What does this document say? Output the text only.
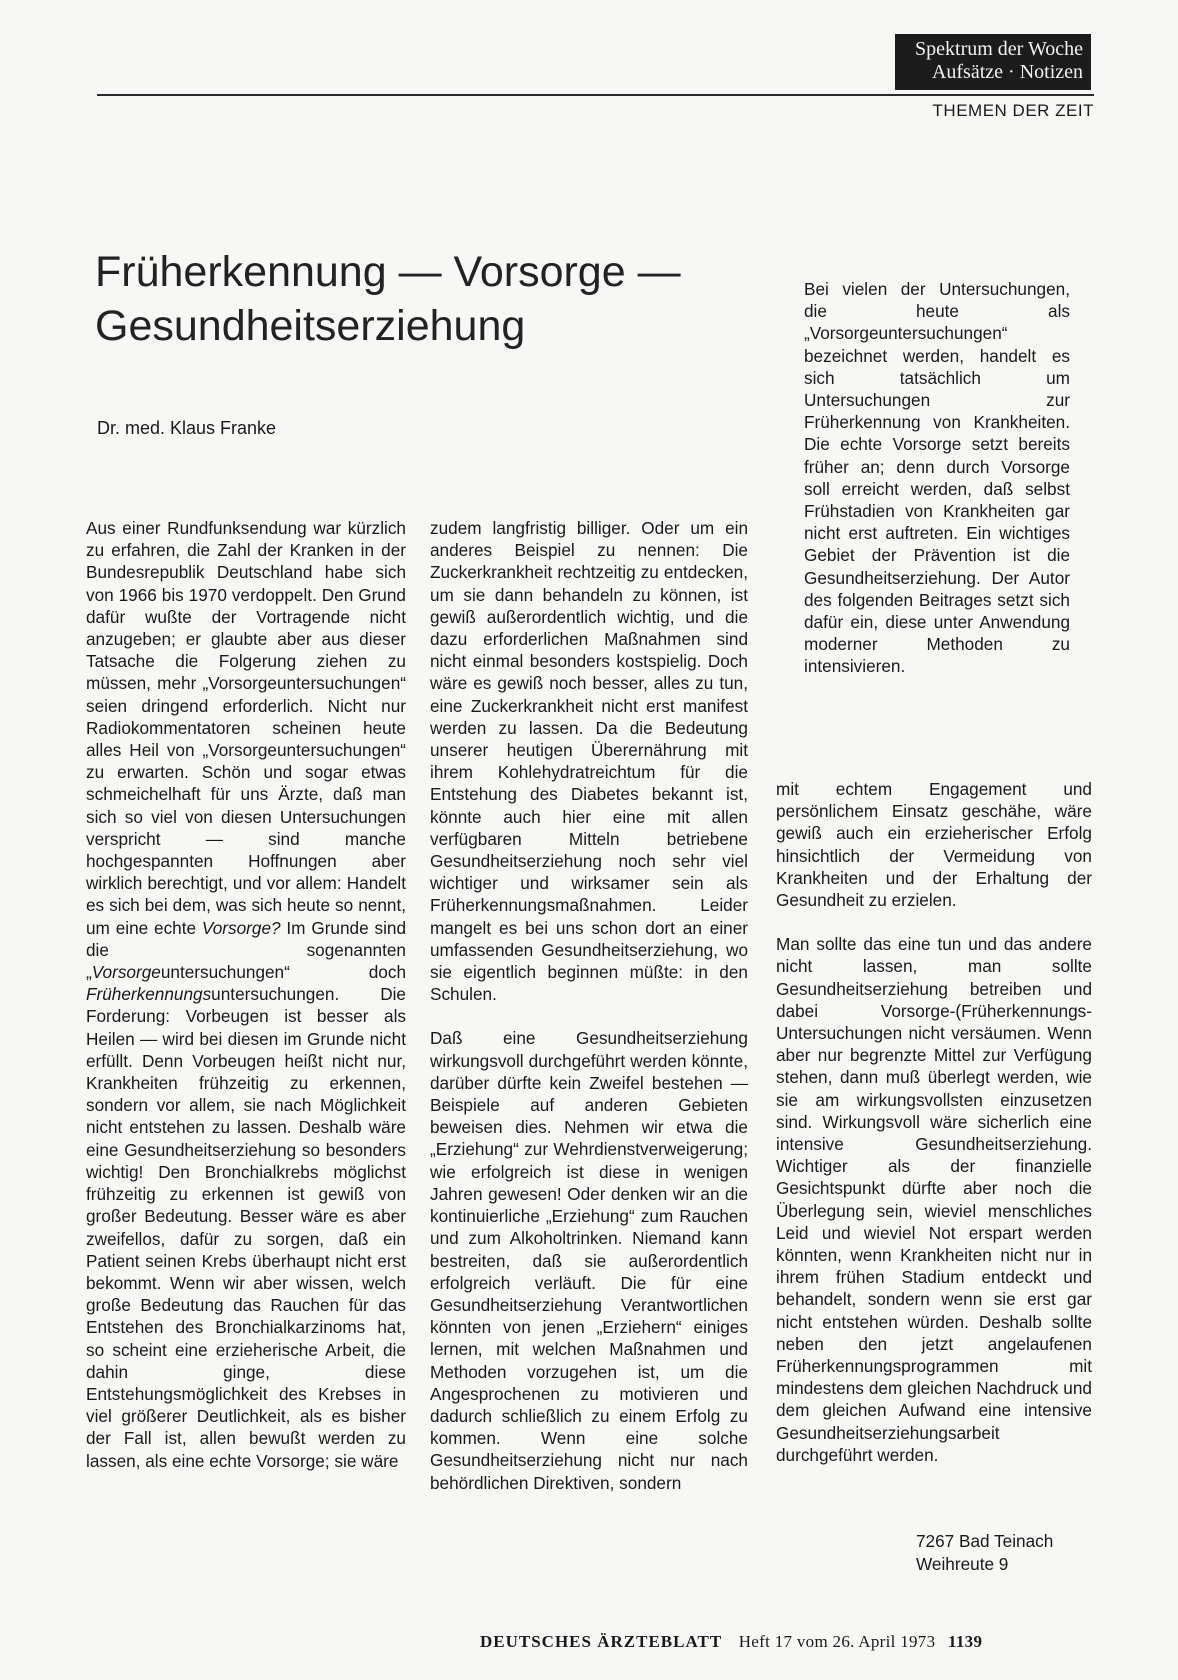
Spektrum der Woche
Aufsätze · Notizen
THEMEN DER ZEIT
Früherkennung — Vorsorge —
Gesundheitserziehung
Dr. med. Klaus Franke

Aus einer Rundfunksendung war kürzlich zu erfahren, die Zahl der Kranken in der Bundesrepublik Deutschland habe sich von 1966 bis 1970 verdoppelt. Den Grund dafür wußte der Vortragende nicht anzugeben; er glaubte aber aus dieser Tatsache die Folgerung ziehen zu müssen, mehr „Vorsorgeuntersuchungen“ seien dringend erforderlich. Nicht nur Radiokommentatoren scheinen heute alles Heil von „Vorsorgeuntersuchungen“ zu erwarten. Schön und sogar etwas schmeichelhaft für uns Ärzte, daß man sich so viel von diesen Untersuchungen verspricht — sind manche hochgespannten Hoffnungen aber wirklich berechtigt, und vor allem: Handelt es sich bei dem, was sich heute so nennt, um eine echte Vorsorge? Im Grunde sind die sogenannten „Vorsorgeuntersuchungen“ doch Früherkennungsuntersuchungen. Die Forderung: Vorbeugen ist besser als Heilen — wird bei diesen im Grunde nicht erfüllt. Denn Vorbeugen heißt nicht nur, Krankheiten frühzeitig zu erkennen, sondern vor allem, sie nach Möglichkeit nicht entstehen zu lassen. Deshalb wäre eine Gesundheitserziehung so besonders wichtig! Den Bronchialkrebs möglichst frühzeitig zu erkennen ist gewiß von großer Bedeutung. Besser wäre es aber zweifellos, dafür zu sorgen, daß ein Patient seinen Krebs überhaupt nicht erst bekommt. Wenn wir aber wissen, welch große Bedeutung das Rauchen für das Entstehen des Bronchialkarzinoms hat, so scheint eine erzieherische Arbeit, die dahin ginge, diese Entstehungsmöglichkeit des Krebses in viel größerer Deutlichkeit, als es bisher der Fall ist, allen bewußt werden zu lassen, als eine echte Vorsorge; sie wäre

zudem langfristig billiger. Oder um ein anderes Beispiel zu nennen: Die Zuckerkrankheit rechtzeitig zu entdecken, um sie dann behandeln zu können, ist gewiß außerordentlich wichtig, und die dazu erforderlichen Maßnahmen sind nicht einmal besonders kostspielig. Doch wäre es gewiß noch besser, alles zu tun, eine Zuckerkrankheit nicht erst manifest werden zu lassen. Da die Bedeutung unserer heutigen Überernährung mit ihrem Kohlehydratreichtum für die Entstehung des Diabetes bekannt ist, könnte auch hier eine mit allen verfügbaren Mitteln betriebene Gesundheitserziehung noch sehr viel wichtiger und wirksamer sein als Früherkennungsmaßnahmen. Leider mangelt es bei uns schon dort an einer umfassenden Gesundheitserziehung, wo sie eigentlich beginnen müßte: in den Schulen.

Daß eine Gesundheitserziehung wirkungsvoll durchgeführt werden könnte, darüber dürfte kein Zweifel bestehen — Beispiele auf anderen Gebieten beweisen dies. Nehmen wir etwa die „Erziehung“ zur Wehrdienstverweigerung; wie erfolgreich ist diese in wenigen Jahren gewesen! Oder denken wir an die kontinuierliche „Erziehung“ zum Rauchen und zum Alkoholtrinken. Niemand kann bestreiten, daß sie außerordentlich erfolgreich verläuft. Die für eine Gesundheitserziehung Verantwortlichen könnten von jenen „Erziehern“ einiges lernen, mit welchen Maßnahmen und Methoden vorzugehen ist, um die Angesprochenen zu motivieren und dadurch schließlich zu einem Erfolg zu kommen. Wenn eine solche Gesundheitserziehung nicht nur nach behördlichen Direktiven, sondern

Bei vielen der Untersuchungen, die heute als „Vorsorgeuntersuchungen“ bezeichnet werden, handelt es sich tatsächlich um Untersuchungen zur Früherkennung von Krankheiten. Die echte Vorsorge setzt bereits früher an; denn durch Vorsorge soll erreicht werden, daß selbst Frühstadien von Krankheiten gar nicht erst auftreten. Ein wichtiges Gebiet der Prävention ist die Gesundheitserziehung. Der Autor des folgenden Beitrages setzt sich dafür ein, diese unter Anwendung moderner Methoden zu intensivieren.

mit echtem Engagement und persönlichem Einsatz geschähe, wäre gewiß auch ein erzieherischer Erfolg hinsichtlich der Vermeidung von Krankheiten und der Erhaltung der Gesundheit zu erzielen.

Man sollte das eine tun und das andere nicht lassen, man sollte Gesundheitserziehung betreiben und dabei Vorsorge-(Früherkennungs-Untersuchungen nicht versäumen. Wenn aber nur begrenzte Mittel zur Verfügung stehen, dann muß überlegt werden, wie sie am wirkungsvollsten einzusetzen sind. Wirkungsvoll wäre sicherlich eine intensive Gesundheitserziehung. Wichtiger als der finanzielle Gesichtspunkt dürfte aber noch die Überlegung sein, wieviel menschliches Leid und wieviel Not erspart werden könnten, wenn Krankheiten nicht nur in ihrem frühen Stadium entdeckt und behandelt, sondern wenn sie erst gar nicht entstehen würden. Deshalb sollte neben den jetzt angelaufenen Früherkennungsprogrammen mit mindestens dem gleichen Nachdruck und dem gleichen Aufwand eine intensive Gesundheitserziehungsarbeit durchgeführt werden.

7267 Bad Teinach
Weihreute 9
DEUTSCHES ÄRZTEBLATT Heft 17 vom 26. April 1973 1139
